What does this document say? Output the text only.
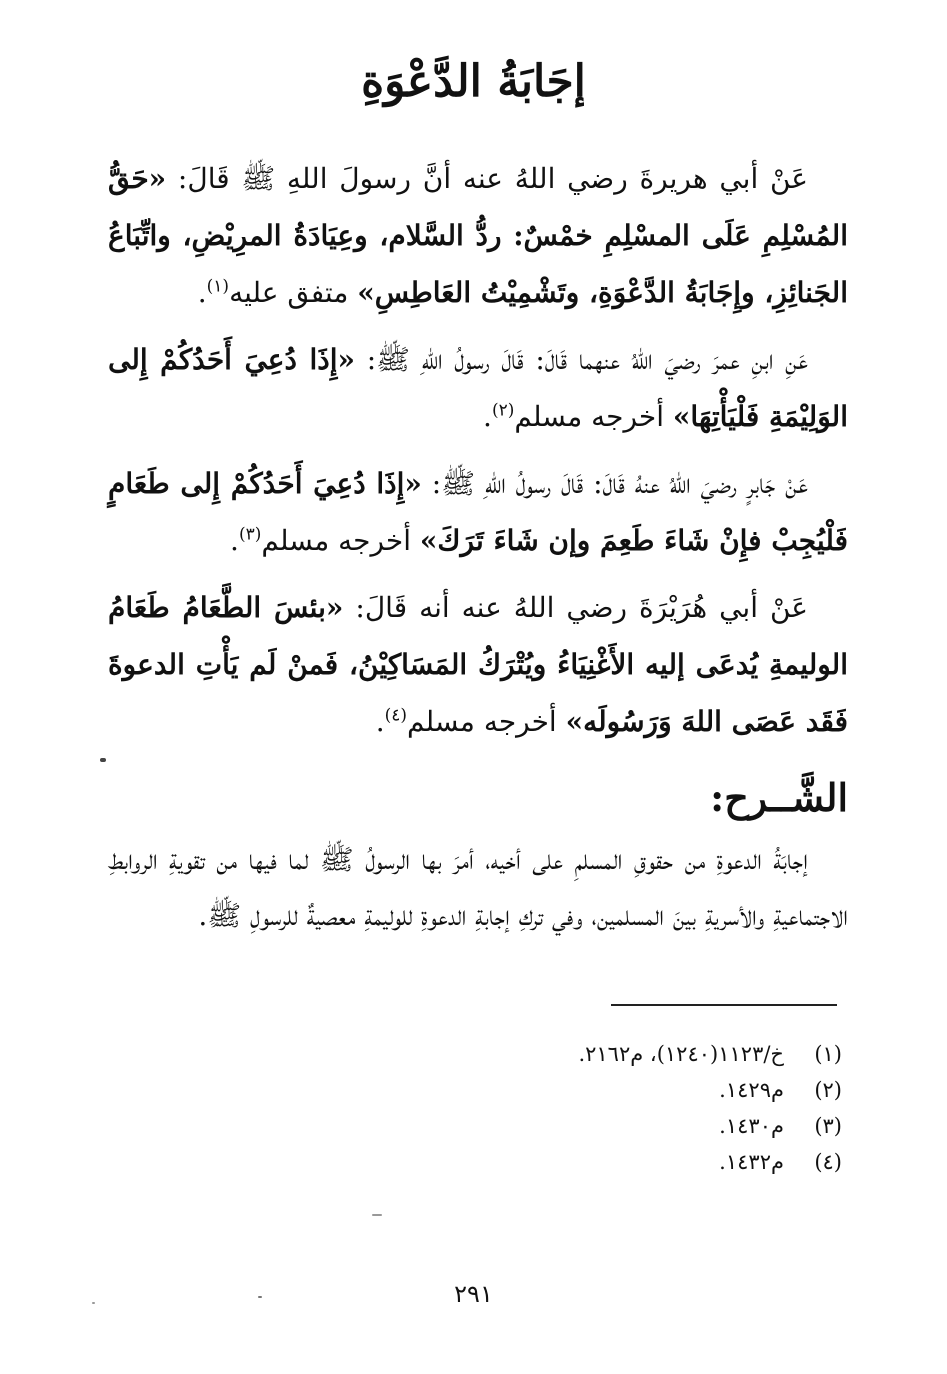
إجَابَةُ الدَّعْوَةِ

عَنْ أبي هريرةَ رضي اللهُ عنه أنَّ رسولَ اللهِ ﷺ قَالَ: «حَقُّ المُسْلِمِ عَلَى المسْلِمِ خمْسٌ: ردُّ السَّلام، وعِيَادَةُ المرِيْضِ، واتِّبَاعُ الجَنائِزِ، وإِجَابَةُ الدَّعْوَةِ، وتَشْمِيْتُ العَاطِسِ» متفق عليه$^{(١)}$.

عَنِ ابنِ عمرَ رضيَ اللهُ عنهما قَالَ: قَالَ رسولُ اللهِ ﷺ: «إِذَا دُعِيَ أَحَدُكُمْ إِلى الوَلِيْمَةِ فَلْيَأْتِهَا» أخرجه مسلم$^{(٢)}$.

عَنْ جَابرٍ رضيَ اللهُ عنهُ قَالَ: قَالَ رسولُ اللهِ ﷺ: «إِذَا دُعِيَ أَحَدُكُمْ إِلى طَعَامٍ فَلْيُجِبْ فإِنْ شَاءَ طَعِمَ وإن شَاءَ تَرَكَ» أخرجه مسلم$^{(٣)}$.

عَنْ أبي هُرَيْرَةَ رضي اللهُ عنه أنه قَالَ: «بئسَ الطَّعَامُ طَعَامُ الوليمةِ يُدعَى إليه الأَغْنِيَاءُ ويُتْرَكُ المَسَاكِيْنُ، فَمنْ لَم يَأْتِ الدعوةَ فَقَد عَصَى اللهَ وَرَسُولَه» أخرجه مسلم$^{(٤)}$.

الشَّــرح:

إجابَةُ الدعوةِ من حقوقِ المسلمِ على أخيه، أمرَ بها الرسولُ ﷺ لما فيها من تقويةِ الروابطِ الاجتماعيةِ والأسريةِ بينَ المسلمين، وفي تركِ إجابةِ الدعوةِ للوليمةِ معصيةٌ للرسولِ ﷺ.

(١)
خ/١١٢٣(١٢٤٠)، م٢١٦٢.
(٢)
م١٤٢٩.
(٣)
م١٤٣٠.
(٤)
م١٤٣٢.
٢٩١
